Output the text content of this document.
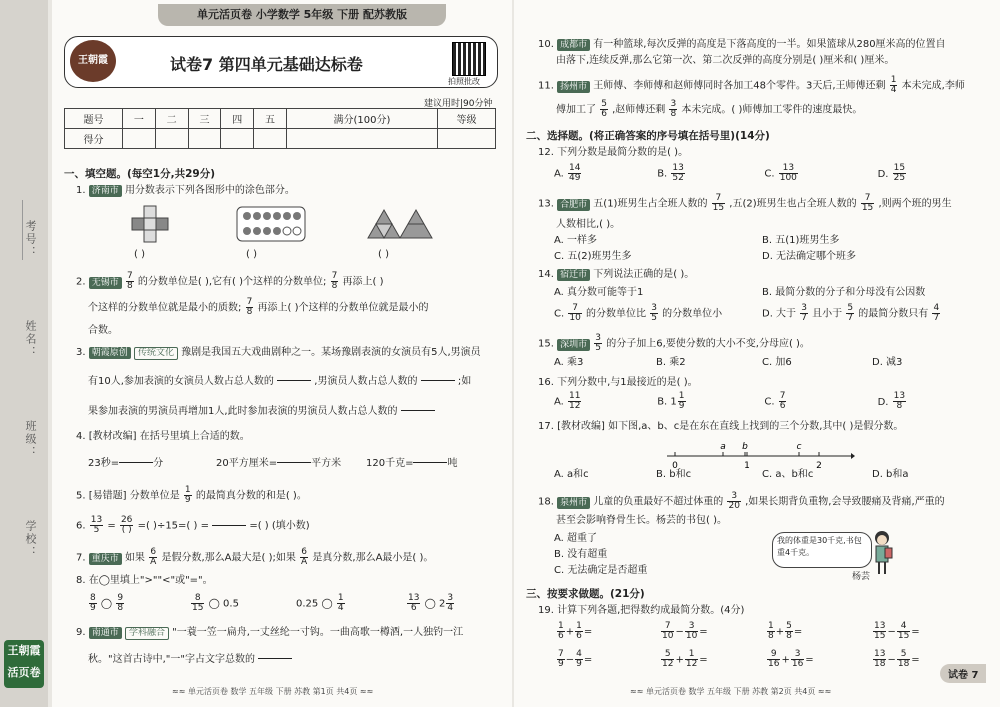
考号：
姓名：
班级：
学校：
王朝霞 活页卷
单元活页卷 小学数学 5年级 下册 配苏教版
王朝霞	试卷7 第四单元基础达标卷
拍照批改
建议用时|90分钟
题号	一	二	三	四	五	满分(100分)	等级
得分							
一、填空题。(每空1分,共29分)
1. 济南市 用分数表示下列各图形中的涂色部分。
( )	( )	( )
2. 无锡市 $\frac{7}{8}$ 的分数单位是( ),它有( )个这样的分数单位; $\frac{7}{8}$ 再添上( )
个这样的分数单位就是最小的质数; $\frac{7}{8}$ 再添上( )个这样的分数单位就是最小的
合数。
3. 朝霞原创 传统文化 豫剧是我国五大戏曲剧种之一。某场豫剧表演的女演员有5人,男演员
有10人,参加表演的女演员人数占总人数的	,男演员人数占总人数的	;如
果参加表演的男演员再增加1人,此时参加表演的男演员人数占总人数的
4. [教材改编] 在括号里填上合适的数。
23秒=	分	20平方厘米=	平方米 120千克=	吨
5. [易错题] 分数单位是 $\frac{1}{9}$ 的最简真分数的和是( )。
6. $\frac{13}{5} = \frac{26}{( )}$ =( )÷15=( ) =	=( ) (填小数)
7. 重庆市 如果 $\frac{6}{A}$ 是假分数,那么A最大是( );如果 $\frac{6}{A}$ 是真分数,那么A最小是( )。
8. 在◯里填上">""<"或"="。
$\frac{8}{9}$ ◯ $\frac{9}{8}$	$\frac{8}{15}$ ◯ 0.5	0.25 ◯ $\frac{1}{4}$	$\frac{13}{6}$ ◯ $2 \frac{3}{4}$
9. 南通市 学科融合 "一蓑一笠一扁舟,一丈丝纶一寸钩。一曲高歌一樽酒,一人独钓一江
秋。"这首古诗中,"一"字占文字总数的
≈≈ 单元活页卷 数学 五年级 下册 苏教 第1页 共4页 ≈≈
10. 成都市 有一种篮球,每次反弹的高度是下落高度的一半。如果篮球从280厘米高的位置自
由落下,连续反弹,那么它第一次、第二次反弹的高度分别是( )厘米和( )厘米。
11. 扬州市 王师傅、李师傅和赵师傅同时各加工48个零件。3天后,王师傅还剩 $\frac{1}{4}$ 本未完成,李师
傅加工了 $\frac{5}{6}$ ,赵师傅还剩 $\frac{3}{8}$ 本未完成。( )师傅加工零件的速度最快。
二、选择题。(将正确答案的序号填在括号里)(14分)
12. 下列分数是最简分数的是( )。
A. $\frac{14}{49}$	B. $\frac{13}{52}$	C. $\frac{13}{100}$	D. $\frac{15}{25}$
13. 合肥市 五(1)班男生占全班人数的 $\frac{7}{15}$ ,五(2)班男生也占全班人数的 $\frac{7}{15}$ ,则两个班的男生
人数相比,( )。
A. 一样多	B. 五(1)班男生多
C. 五(2)班男生多	D. 无法确定哪个班多
14. 宿迁市 下列说法正确的是( )。
A. 真分数可能等于1	B. 最简分数的分子和分母没有公因数
C. $\frac{7}{10}$ 的分数单位比 $\frac{3}{5}$ 的分数单位小	D. 大于 $\frac{3}{7}$ 且小于 $\frac{5}{7}$ 的最简分数只有 $\frac{4}{7}$
15. 深圳市 $\frac{3}{5}$ 的分子加上6,要使分数的大小不变,分母应( )。
A. 乘3	B. 乘2	C. 加6	D. 减3
16. 下列分数中,与1最接近的是( )。
A. $\frac{11}{12}$	B. $1 \frac{1}{9}$	C. $\frac{7}{6}$	D. $\frac{13}{8}$
17. [教材改编] 如下图,a、b、c是在东在直线上找到的三个分数,其中( )是假分数。
0	1	2
a b	c
A. a和c	B. b和c	C. a、b和c	D. b和a
18. 泉州市 儿童的负重最好不超过体重的 $\frac{3}{20}$ ,如果长期背负重物,会导致腰痛及背痛,严重的
甚至会影响脊骨生长。杨芸的书包( )。
A. 超重了
B. 没有超重
C. 无法确定是否超重
我的体重是30千克,书包重4千克。
杨芸
三、按要求做题。(21分)
19. 计算下列各题,把得数约成最简分数。(4分)
$\frac{1}{6} + \frac{1}{6}$ =	$\frac{7}{10} - \frac{3}{10}$ =	$\frac{1}{8} + \frac{5}{8}$ =	$\frac{13}{15} - \frac{4}{15}$ =
$\frac{7}{9} - \frac{4}{9}$ =	$\frac{5}{12} + \frac{1}{12}$ =	$\frac{9}{16} + \frac{3}{16}$ =	$\frac{13}{18} - \frac{5}{18}$ =
≈≈ 单元活页卷 数学 五年级 下册 苏教 第2页 共4页 ≈≈
试卷 7
